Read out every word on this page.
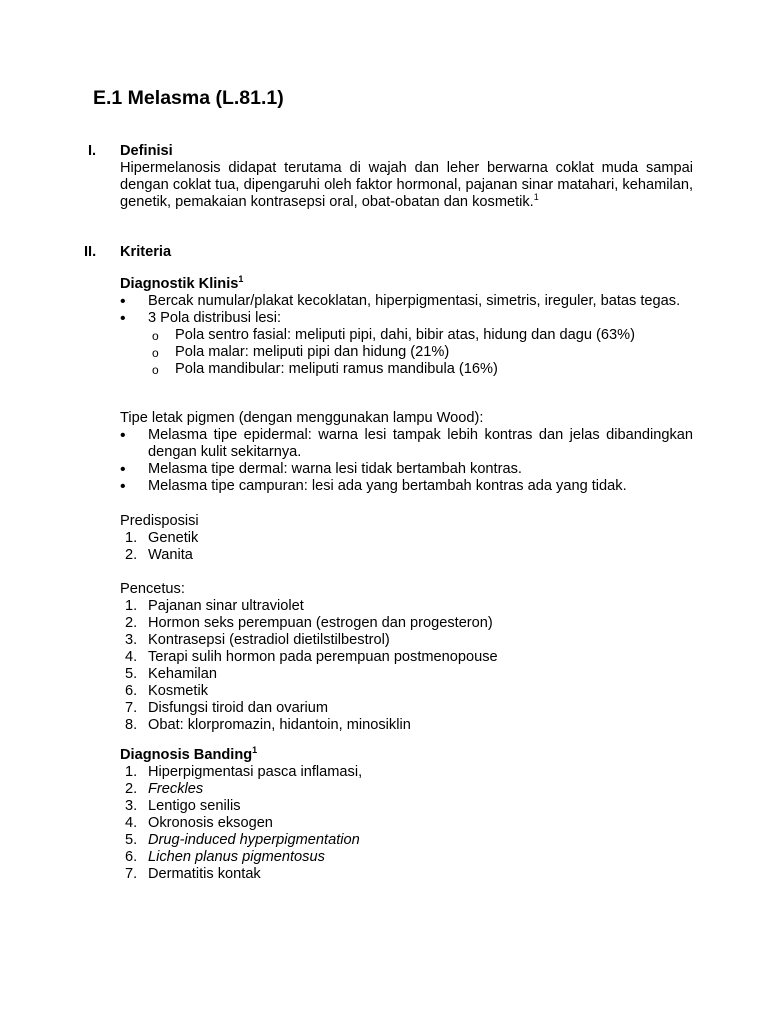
E.1 Melasma (L.81.1)
I. Definisi
Hipermelanosis didapat terutama di wajah dan leher berwarna coklat muda sampai dengan coklat tua, dipengaruhi oleh faktor hormonal, pajanan sinar matahari, kehamilan, genetik, pemakaian kontrasepsi oral, obat-obatan dan kosmetik.$^1$
II. Kriteria
Diagnostik Klinis$^1$
• Bercak numular/plakat kecoklatan, hiperpigmentasi, simetris, ireguler, batas tegas.
• 3 Pola distribusi lesi:
o Pola sentro fasial: meliputi pipi, dahi, bibir atas, hidung dan dagu (63%)
o Pola malar: meliputi pipi dan hidung (21%)
o Pola mandibular: meliputi ramus mandibula (16%)
Tipe letak pigmen (dengan menggunakan lampu Wood):
• Melasma tipe epidermal: warna lesi tampak lebih kontras dan jelas dibandingkan dengan kulit sekitarnya.
• Melasma tipe dermal: warna lesi tidak bertambah kontras.
• Melasma tipe campuran: lesi ada yang bertambah kontras ada yang tidak.
Predisposisi
1. Genetik
2. Wanita
Pencetus:
1. Pajanan sinar ultraviolet
2. Hormon seks perempuan (estrogen dan progesteron)
3. Kontrasepsi (estradiol dietilstilbestrol)
4. Terapi sulih hormon pada perempuan postmenopouse
5. Kehamilan
6. Kosmetik
7. Disfungsi tiroid dan ovarium
8. Obat: klorpromazin, hidantoin, minosiklin
Diagnosis Banding$^1$
1. Hiperpigmentasi pasca inflamasi,
2. Freckles
3. Lentigo senilis
4. Okronosis eksogen
5. Drug-induced hyperpigmentation
6. Lichen planus pigmentosus
7. Dermatitis kontak
